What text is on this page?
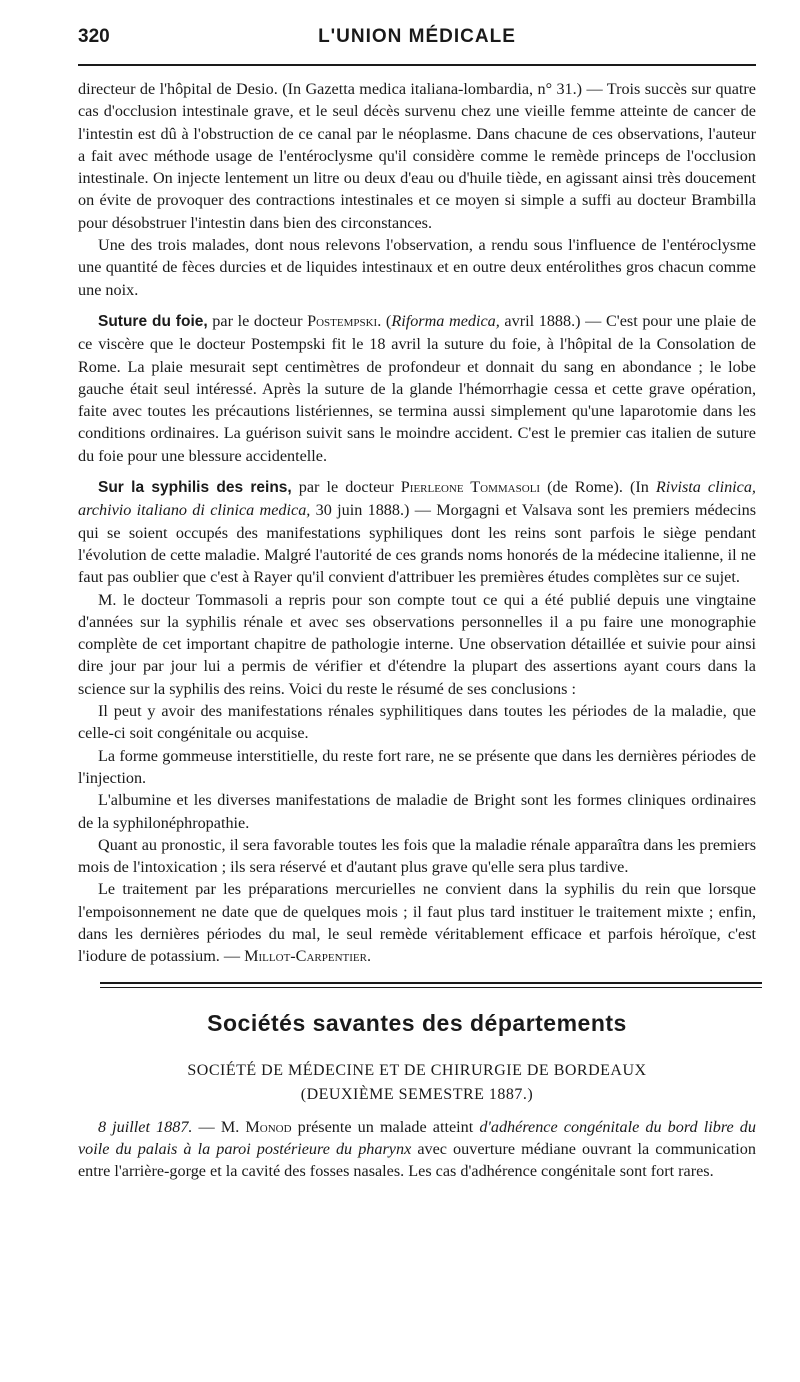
320	L'UNION MÉDICALE

directeur de l'hôpital de Desio. (In Gazetta medica italiana-lombardia, n° 31.) — Trois succès sur quatre cas d'occlusion intestinale grave, et le seul décès survenu chez une vieille femme atteinte de cancer de l'intestin est dû à l'obstruction de ce canal par le néoplasme. Dans chacune de ces observations, l'auteur a fait avec méthode usage de l'entéroclysme qu'il considère comme le remède princeps de l'occlusion intestinale. On injecte lentement un litre ou deux d'eau ou d'huile tiède, en agissant ainsi très doucement on évite de provoquer des contractions intestinales et ce moyen si simple a suffi au docteur Brambilla pour désobstruer l'intestin dans bien des circonstances.

Une des trois malades, dont nous relevons l'observation, a rendu sous l'influence de l'entéroclysme une quantité de fèces durcies et de liquides intestinaux et en outre deux entérolithes gros chacun comme une noix.

Suture du foie, par le docteur Postempski. (Riforma medica, avril 1888.) — C'est pour une plaie de ce viscère que le docteur Postempski fit le 18 avril la suture du foie, à l'hôpital de la Consolation de Rome. La plaie mesurait sept centimètres de profondeur et donnait du sang en abondance ; le lobe gauche était seul intéressé. Après la suture de la glande l'hémorrhagie cessa et cette grave opération, faite avec toutes les précautions listériennes, se termina aussi simplement qu'une laparotomie dans les conditions ordinaires. La guérison suivit sans le moindre accident. C'est le premier cas italien de suture du foie pour une blessure accidentelle.

Sur la syphilis des reins, par le docteur Pierleone Tommasoli (de Rome). (In Rivista clinica, archivio italiano di clinica medica, 30 juin 1888.) — Morgagni et Valsava sont les premiers médecins qui se soient occupés des manifestations syphiliques dont les reins sont parfois le siège pendant l'évolution de cette maladie. Malgré l'autorité de ces grands noms honorés de la médecine italienne, il ne faut pas oublier que c'est à Rayer qu'il convient d'attribuer les premières études complètes sur ce sujet.

M. le docteur Tommasoli a repris pour son compte tout ce qui a été publié depuis une vingtaine d'années sur la syphilis rénale et avec ses observations personnelles il a pu faire une monographie complète de cet important chapitre de pathologie interne. Une observation détaillée et suivie pour ainsi dire jour par jour lui a permis de vérifier et d'étendre la plupart des assertions ayant cours dans la science sur la syphilis des reins. Voici du reste le résumé de ses conclusions :

Il peut y avoir des manifestations rénales syphilitiques dans toutes les périodes de la maladie, que celle-ci soit congénitale ou acquise.

La forme gommeuse interstitielle, du reste fort rare, ne se présente que dans les dernières périodes de l'injection.

L'albumine et les diverses manifestations de maladie de Bright sont les formes cliniques ordinaires de la syphilonéphropathie.

Quant au pronostic, il sera favorable toutes les fois que la maladie rénale apparaîtra dans les premiers mois de l'intoxication ; ils sera réservé et d'autant plus grave qu'elle sera plus tardive.

Le traitement par les préparations mercurielles ne convient dans la syphilis du rein que lorsque l'empoisonnement ne date que de quelques mois ; il faut plus tard instituer le traitement mixte ; enfin, dans les dernières périodes du mal, le seul remède véritablement efficace et parfois héroïque, c'est l'iodure de potassium. — Millot-Carpentier.

Sociétés savantes des départements
SOCIÉTÉ DE MÉDECINE ET DE CHIRURGIE DE BORDEAUX
(DEUXIÈME SEMESTRE 1887.)

8 juillet 1887. — M. Monod présente un malade atteint d'adhérence congénitale du bord libre du voile du palais à la paroi postérieure du pharynx avec ouverture médiane ouvrant la communication entre l'arrière-gorge et la cavité des fosses nasales. Les cas d'adhérence congénitale sont fort rares.
